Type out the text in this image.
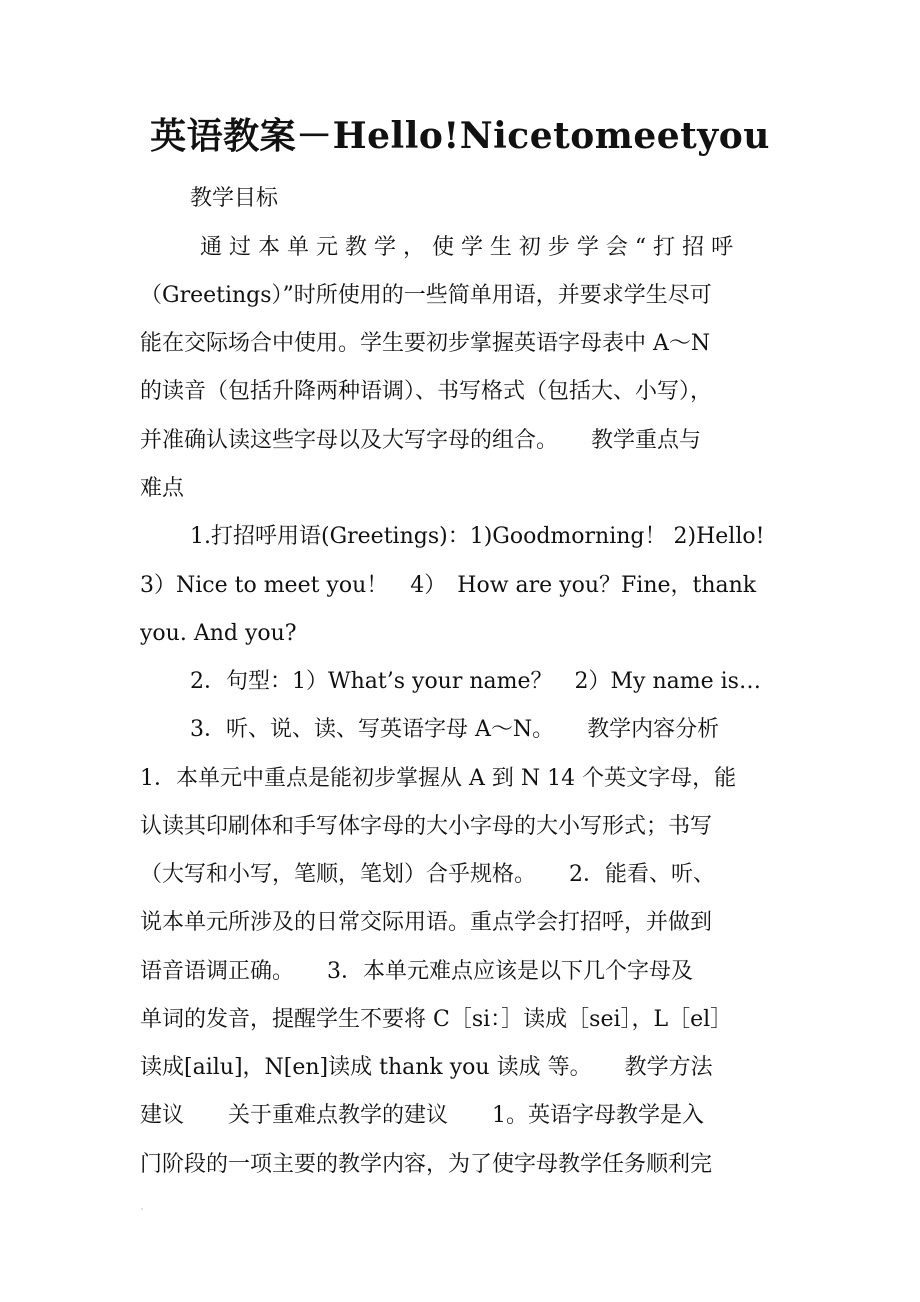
英语教案－Hello!Nicetomeetyou
教学目标
通 过 本 单 元 教 学 ， 使 学 生 初 步 学 会 “ 打 招 呼
（Greetings）”时所使用的一些简单用语，并要求学生尽可
能在交际场合中使用。学生要初步掌握英语字母表中 A～N
的读音（包括升降两种语调）、书写格式（包括大、小写），
并准确认读这些字母以及大写字母的组合。　　教学重点与
难点
1.打招呼用语(Greetings)：1)Goodmorning！ 2)Hello!
3）Nice to meet you！　4）　How are you？Fine，thank
you. And you?
2．句型：1）What’s your name？　2）My name is…
3．听、说、读、写英语字母 A～N。　　教学内容分析
1．本单元中重点是能初步掌握从 A 到 N 14 个英文字母，能
认读其印刷体和手写体字母的大小字母的大小写形式；书写
（大写和小写，笔顺，笔划）合乎规格。　　2．能看、听、
说本单元所涉及的日常交际用语。重点学会打招呼，并做到
语音语调正确。　　3．本单元难点应该是以下几个字母及
单词的发音，提醒学生不要将 C［si：］读成［sei］，L［el］
读成[ailu]，N[en]读成 thank you 读成 等。　　教学方法
建议　　关于重难点教学的建议　　1。英语字母教学是入
门阶段的一项主要的教学内容，为了使字母教学任务顺利完
